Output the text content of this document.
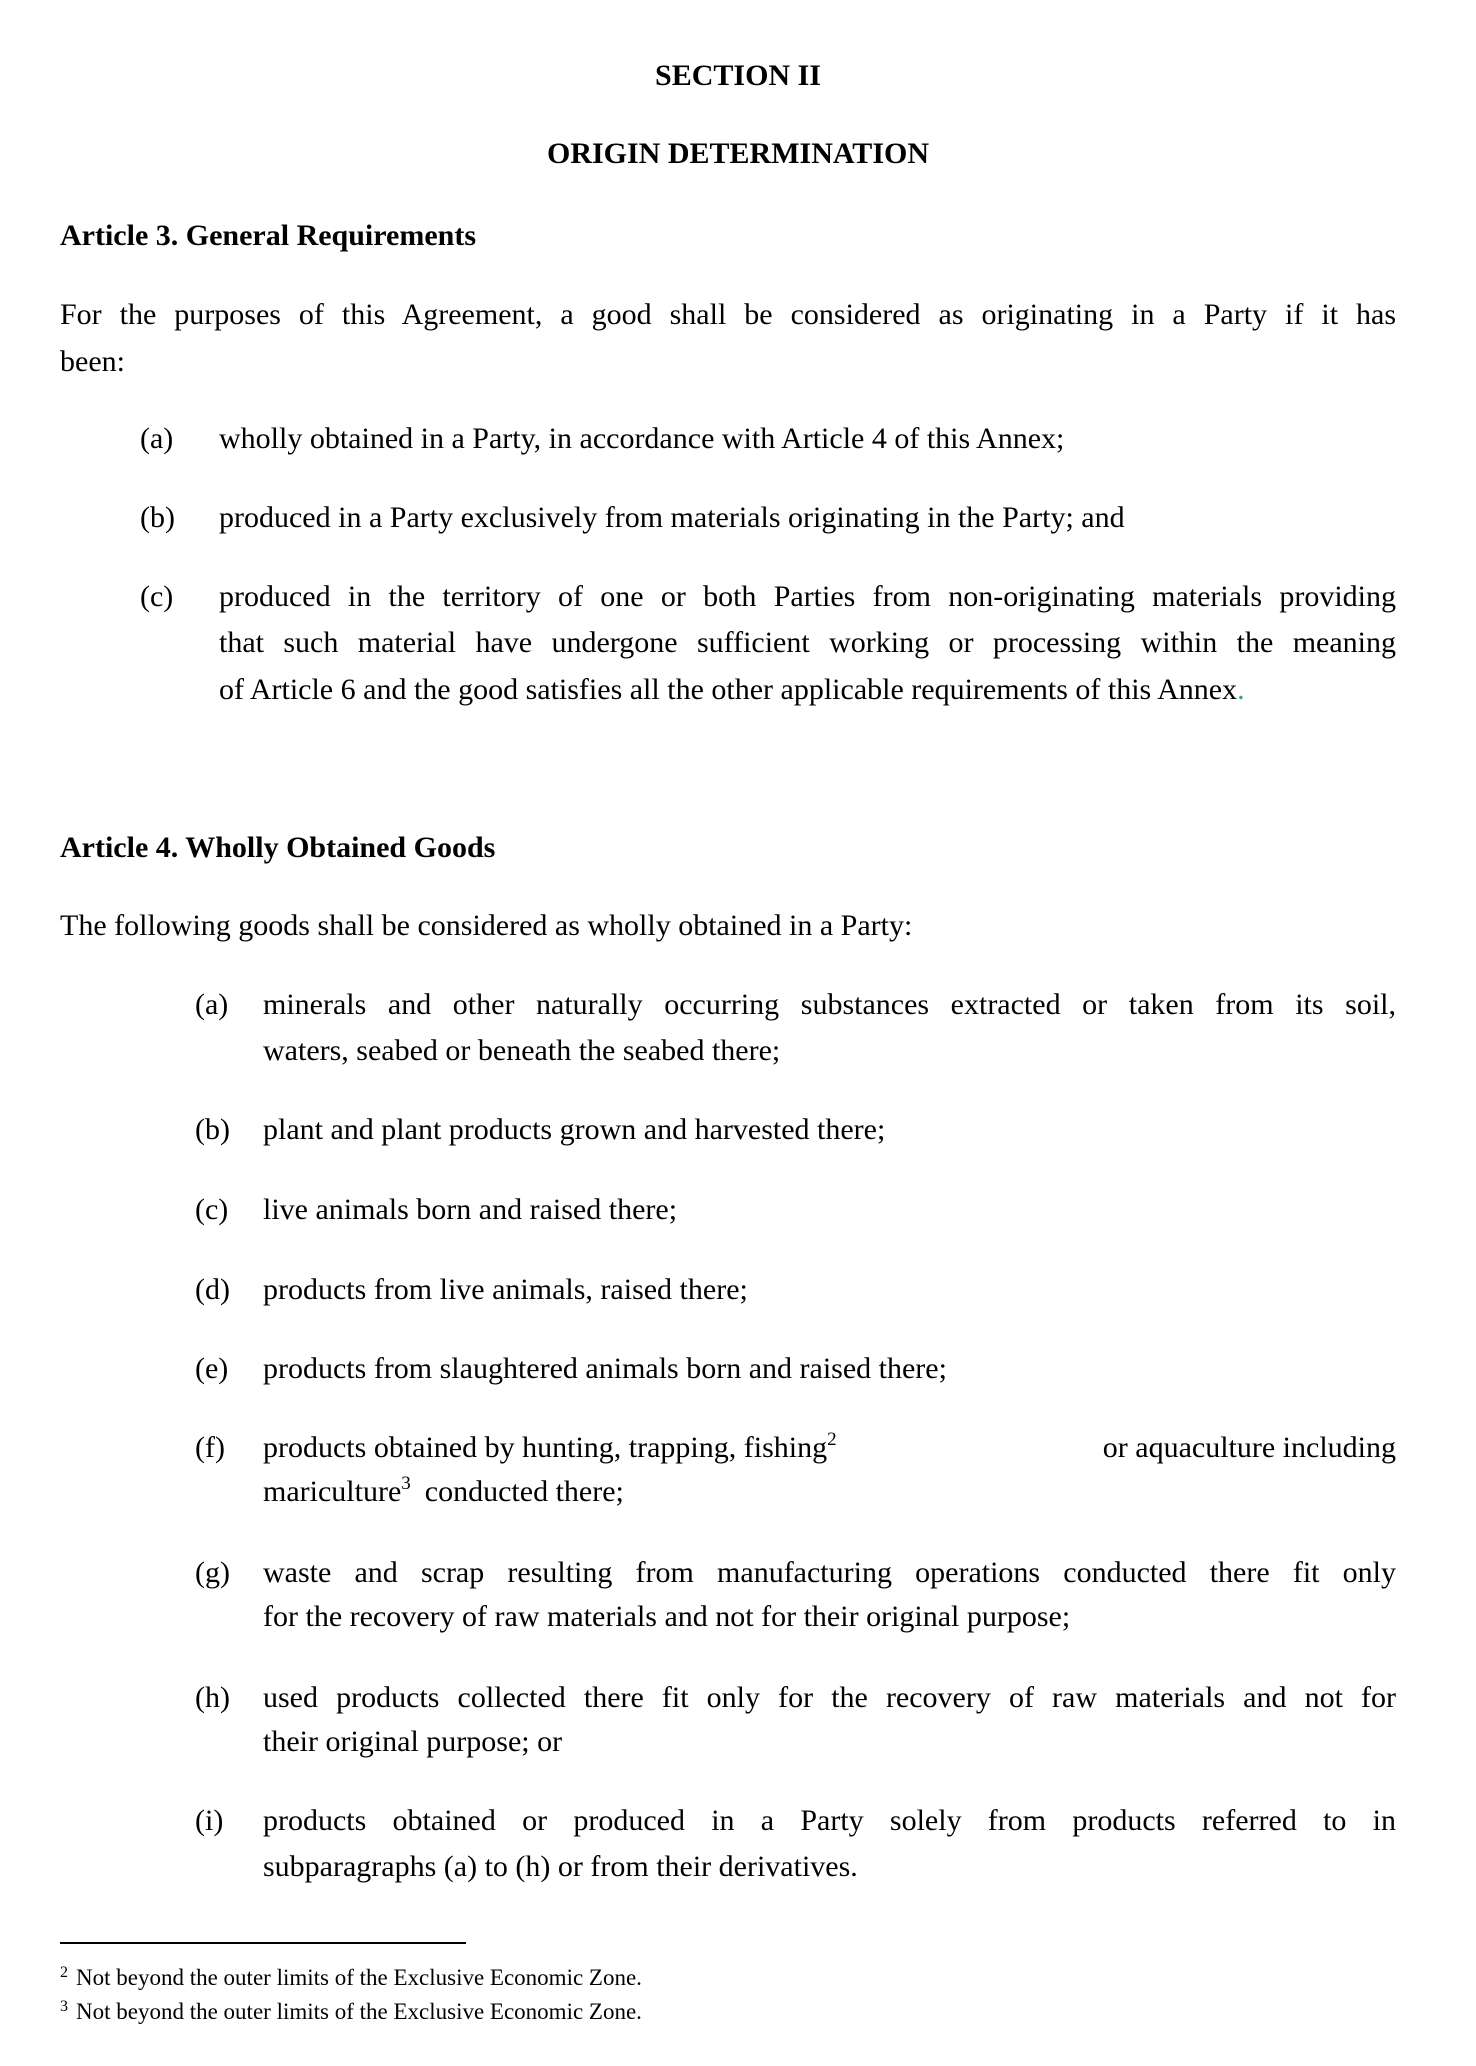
SECTION II
ORIGIN DETERMINATION
Article 3. General Requirements
For the purposes of this Agreement, a good shall be considered as originating in a Party if it has
been:
(a) wholly obtained in a Party, in accordance with Article 4 of this Annex;
(b) produced in a Party exclusively from materials originating in the Party; and
(c) produced in the territory of one or both Parties from non-originating materials providing
that such material have undergone sufficient working or processing within the meaning
of Article 6 and the good satisfies all the other applicable requirements of this Annex.
Article 4. Wholly Obtained Goods
The following goods shall be considered as wholly obtained in a Party:
(a) minerals and other naturally occurring substances extracted or taken from its soil,
waters, seabed or beneath the seabed there;
(b) plant and plant products grown and harvested there;
(c) live animals born and raised there;
(d) products from live animals, raised there;
(e) products from slaughtered animals born and raised there;
(f) products obtained by hunting, trapping, fishing$^2$	or aquaculture including
mariculture$^3$ conducted there;
(g) waste and scrap resulting from manufacturing operations conducted there fit only
for the recovery of raw materials and not for their original purpose;
(h) used products collected there fit only for the recovery of raw materials and not for
their original purpose; or
(i) products obtained or produced in a Party solely from products referred to in
subparagraphs (a) to (h) or from their derivatives.
$^2$ Not beyond the outer limits of the Exclusive Economic Zone.
$^3$ Not beyond the outer limits of the Exclusive Economic Zone.
